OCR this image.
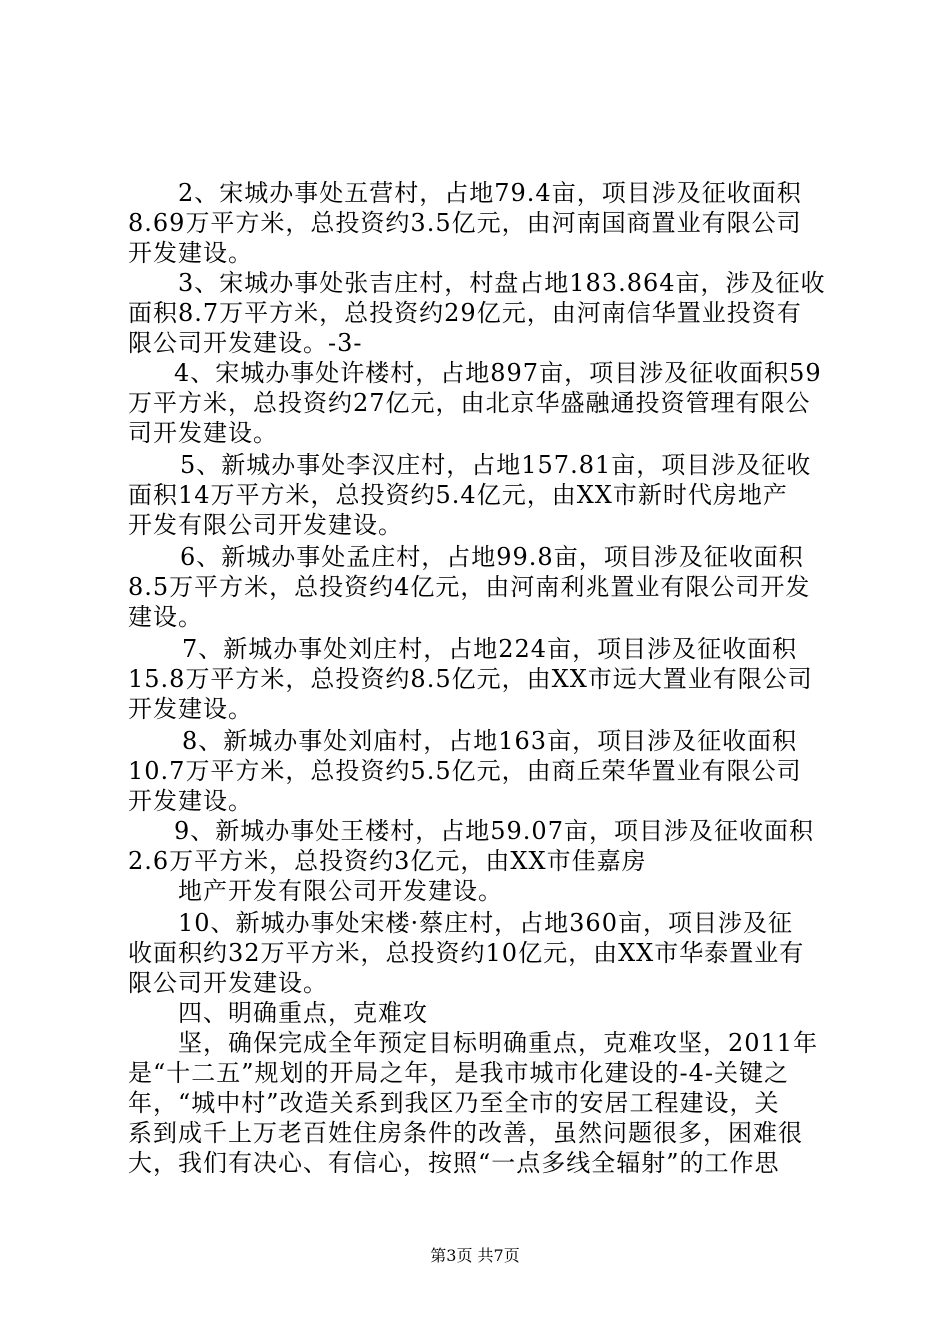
2、宋城办事处五营村，占地79.4亩，项目涉及征收面积
8.69万平方米，总投资约3.5亿元，由河南国商置业有限公司
开发建设。
3、宋城办事处张吉庄村，村盘占地183.864亩，涉及征收
面积8.7万平方米，总投资约29亿元，由河南信华置业投资有
限公司开发建设。-3-
4、宋城办事处许楼村，占地897亩，项目涉及征收面积59
万平方米，总投资约27亿元，由北京华盛融通投资管理有限公
司开发建设。
5、新城办事处李汉庄村，占地157.81亩，项目涉及征收
面积14万平方米，总投资约5.4亿元，由XX市新时代房地产
开发有限公司开发建设。
6、新城办事处孟庄村，占地99.8亩，项目涉及征收面积
8.5万平方米，总投资约4亿元，由河南利兆置业有限公司开发
建设。
7、新城办事处刘庄村，占地224亩，项目涉及征收面积
15.8万平方米，总投资约8.5亿元，由XX市远大置业有限公司
开发建设。
8、新城办事处刘庙村，占地163亩，项目涉及征收面积
10.7万平方米，总投资约5.5亿元，由商丘荣华置业有限公司
开发建设。
9、新城办事处王楼村，占地59.07亩，项目涉及征收面积
2.6万平方米，总投资约3亿元，由XX市佳嘉房
地产开发有限公司开发建设。
10、新城办事处宋楼·蔡庄村，占地360亩，项目涉及征
收面积约32万平方米，总投资约10亿元，由XX市华泰置业有
限公司开发建设。
四、明确重点，克难攻
坚，确保完成全年预定目标明确重点，克难攻坚，2011年
是“十二五”规划的开局之年，是我市城市化建设的-4-关键之
年，“城中村”改造关系到我区乃至全市的安居工程建设，关
系到成千上万老百姓住房条件的改善，虽然问题很多，困难很
大，我们有决心、有信心，按照“一点多线全辐射”的工作思
第3页 共7页
